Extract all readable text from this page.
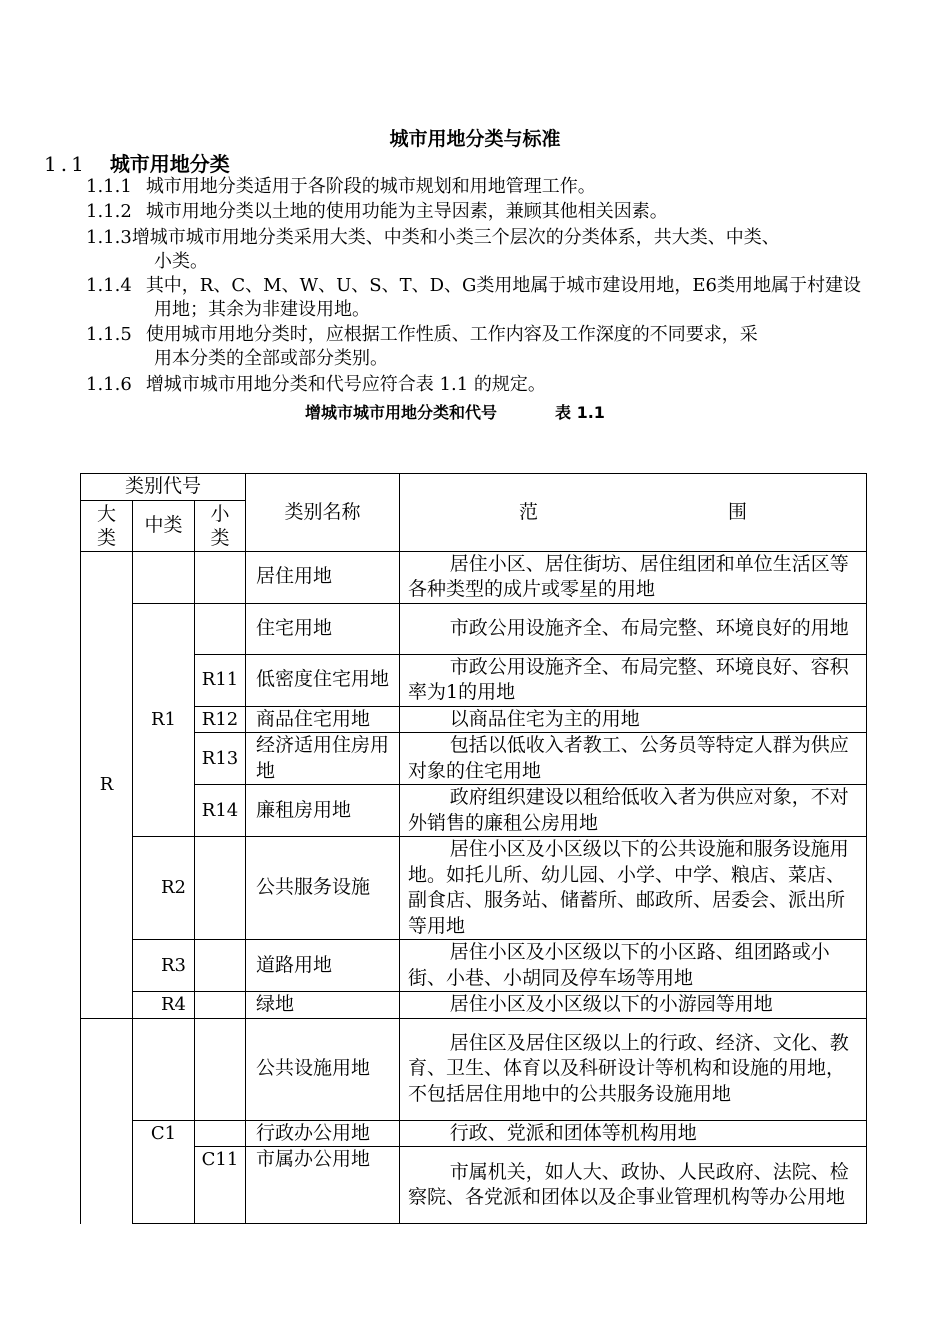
城市用地分类与标准
1.1 城市用地分类
1.1.1 城市用地分类适用于各阶段的城市规划和用地管理工作。
1.1.2 城市用地分类以土地的使用功能为主导因素，兼顾其他相关因素。
1.1.3增城市城市用地分类采用大类、中类和小类三个层次的分类体系，共大类、中类、
小类。
1.1.4 其中，R、C、M、W、U、S、T、D、G类用地属于城市建设用地，E6类用地属于村建设
用地；其余为非建设用地。
1.1.5 使用城市用地分类时，应根据工作性质、工作内容及工作深度的不同要求，采
用本分类的全部或部分类别。
1.1.6 增城市城市用地分类和代号应符合表 1.1 的规定。
增城市城市用地分类和代号	表 1.1
类别代号			类别名称	范 围

大类	中类	小类		

R			居住用地	居住小区、居住街坊、居住组团和单位生活区等各种类型的成片或零星的用地
	R1		住宅用地	市政公用设施齐全、布局完整、环境良好的用地
		R11	低密度住宅用地	市政公用设施齐全、布局完整、环境良好、容积率为1的用地
		R12	商品住宅用地	以商品住宅为主的用地
		R13	经济适用住房用地	包括以低收入者教工、公务员等特定人群为供应对象的住宅用地
		R14	廉租房用地	政府组织建设以租给低收入者为供应对象，不对外销售的廉租公房用地
	R2		公共服务设施	居住小区及小区级以下的公共设施和服务设施用地。如托儿所、幼儿园、小学、中学、粮店、菜店、副食店、服务站、储蓄所、邮政所、居委会、派出所等用地
	R3		道路用地	居住小区及小区级以下的小区路、组团路或小街、小巷、小胡同及停车场等用地
	R4		绿地	居住小区及小区级以下的小游园等用地
			公共设施用地	居住区及居住区级以上的行政、经济、文化、教育、卫生、体育以及科研设计等机构和设施的用地，不包括居住用地中的公共服务设施用地
	C1		行政办公用地	行政、党派和团体等机构用地
		C11	市属办公用地	市属机关，如人大、政协、人民政府、法院、检察院、各党派和团体以及企事业管理机构等办公用地
